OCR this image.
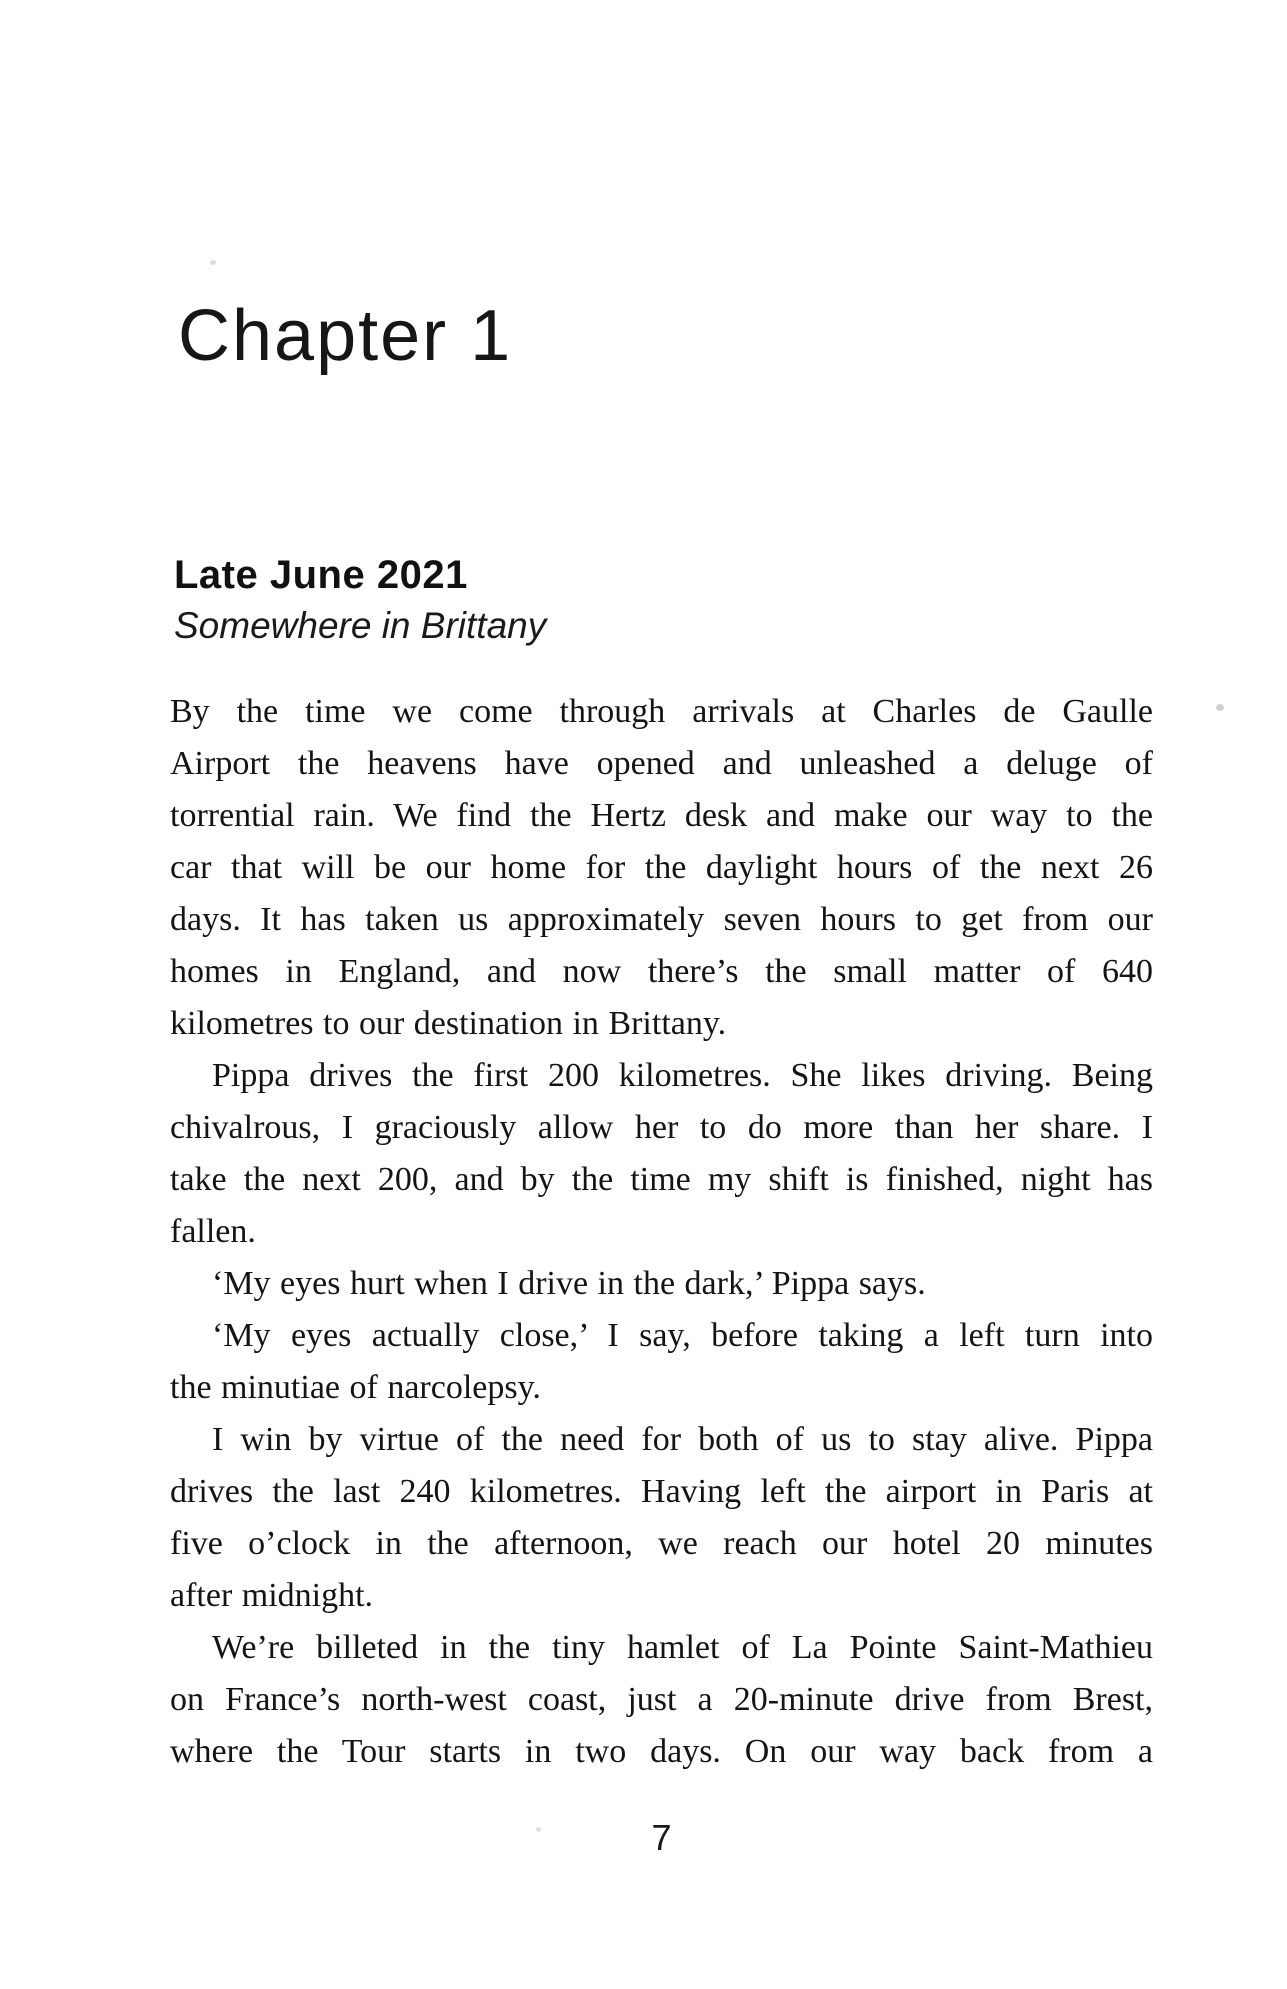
Chapter 1
Late June 2021
Somewhere in Brittany

By the time we come through arrivals at Charles de Gaulle
Airport the heavens have opened and unleashed a deluge of
torrential rain. We find the Hertz desk and make our way to the
car that will be our home for the daylight hours of the next 26
days. It has taken us approximately seven hours to get from our
homes in England, and now there’s the small matter of 640
kilometres to our destination in Brittany.

Pippa drives the first 200 kilometres. She likes driving. Being
chivalrous, I graciously allow her to do more than her share. I
take the next 200, and by the time my shift is finished, night has
fallen.

‘My eyes hurt when I drive in the dark,’ Pippa says.

‘My eyes actually close,’ I say, before taking a left turn into
the minutiae of narcolepsy.

I win by virtue of the need for both of us to stay alive. Pippa
drives the last 240 kilometres. Having left the airport in Paris at
five o’clock in the afternoon, we reach our hotel 20 minutes
after midnight.

We’re billeted in the tiny hamlet of La Pointe Saint-Mathieu
on France’s north-west coast, just a 20-minute drive from Brest,
where the Tour starts in two days. On our way back from a

7
